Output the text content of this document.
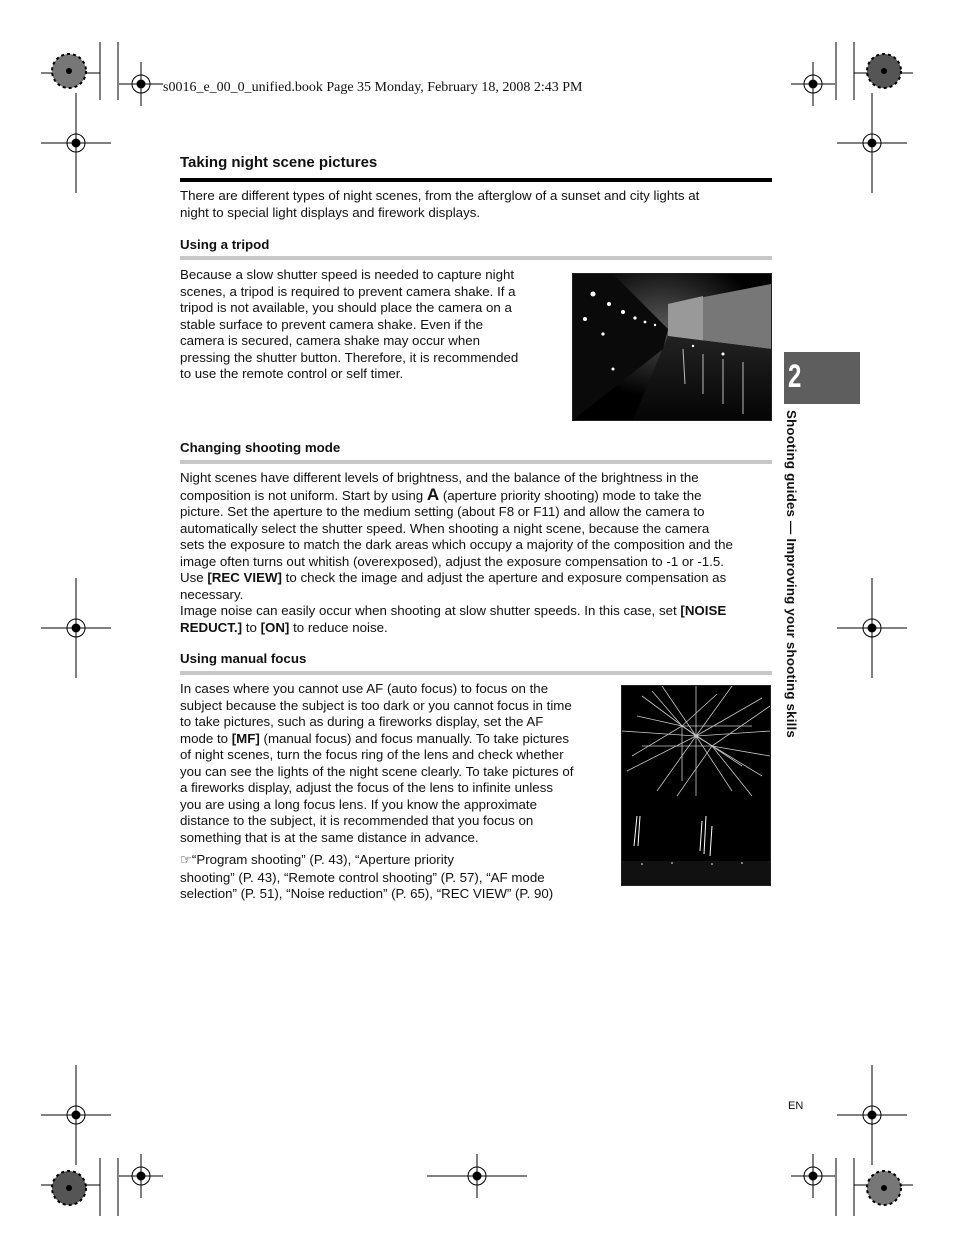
s0016_e_00_0_unified.book Page 35 Monday, February 18, 2008 2:43 PM
Taking night scene pictures
There are different types of night scenes, from the afterglow of a sunset and city lights at
night to special light displays and firework displays.
Using a tripod
Because a slow shutter speed is needed to capture night
scenes, a tripod is required to prevent camera shake. If a
tripod is not available, you should place the camera on a
stable surface to prevent camera shake. Even if the
camera is secured, camera shake may occur when
pressing the shutter button. Therefore, it is recommended
to use the remote control or self timer.
Changing shooting mode
Night scenes have different levels of brightness, and the balance of the brightness in the
composition is not uniform. Start by using A (aperture priority shooting) mode to take the
picture. Set the aperture to the medium setting (about F8 or F11) and allow the camera to
automatically select the shutter speed. When shooting a night scene, because the camera
sets the exposure to match the dark areas which occupy a majority of the composition and the
image often turns out whitish (overexposed), adjust the exposure compensation to -1 or -1.5.
Use [REC VIEW] to check the image and adjust the aperture and exposure compensation as
necessary.
Image noise can easily occur when shooting at slow shutter speeds. In this case, set [NOISE
REDUCT.] to [ON] to reduce noise.
Using manual focus
In cases where you cannot use AF (auto focus) to focus on the
subject because the subject is too dark or you cannot focus in time
to take pictures, such as during a fireworks display, set the AF
mode to [MF] (manual focus) and focus manually. To take pictures
of night scenes, turn the focus ring of the lens and check whether
you can see the lights of the night scene clearly. To take pictures of
a fireworks display, adjust the focus of the lens to infinite unless
you are using a long focus lens. If you know the approximate
distance to the subject, it is recommended that you focus on
something that is at the same distance in advance.
☞“Program shooting” (P. 43), “Aperture priority
shooting” (P. 43), “Remote control shooting” (P. 57), “AF mode
selection” (P. 51), “Noise reduction” (P. 65), “REC VIEW” (P. 90)
2
Shooting guides — Improving your shooting skills
EN
